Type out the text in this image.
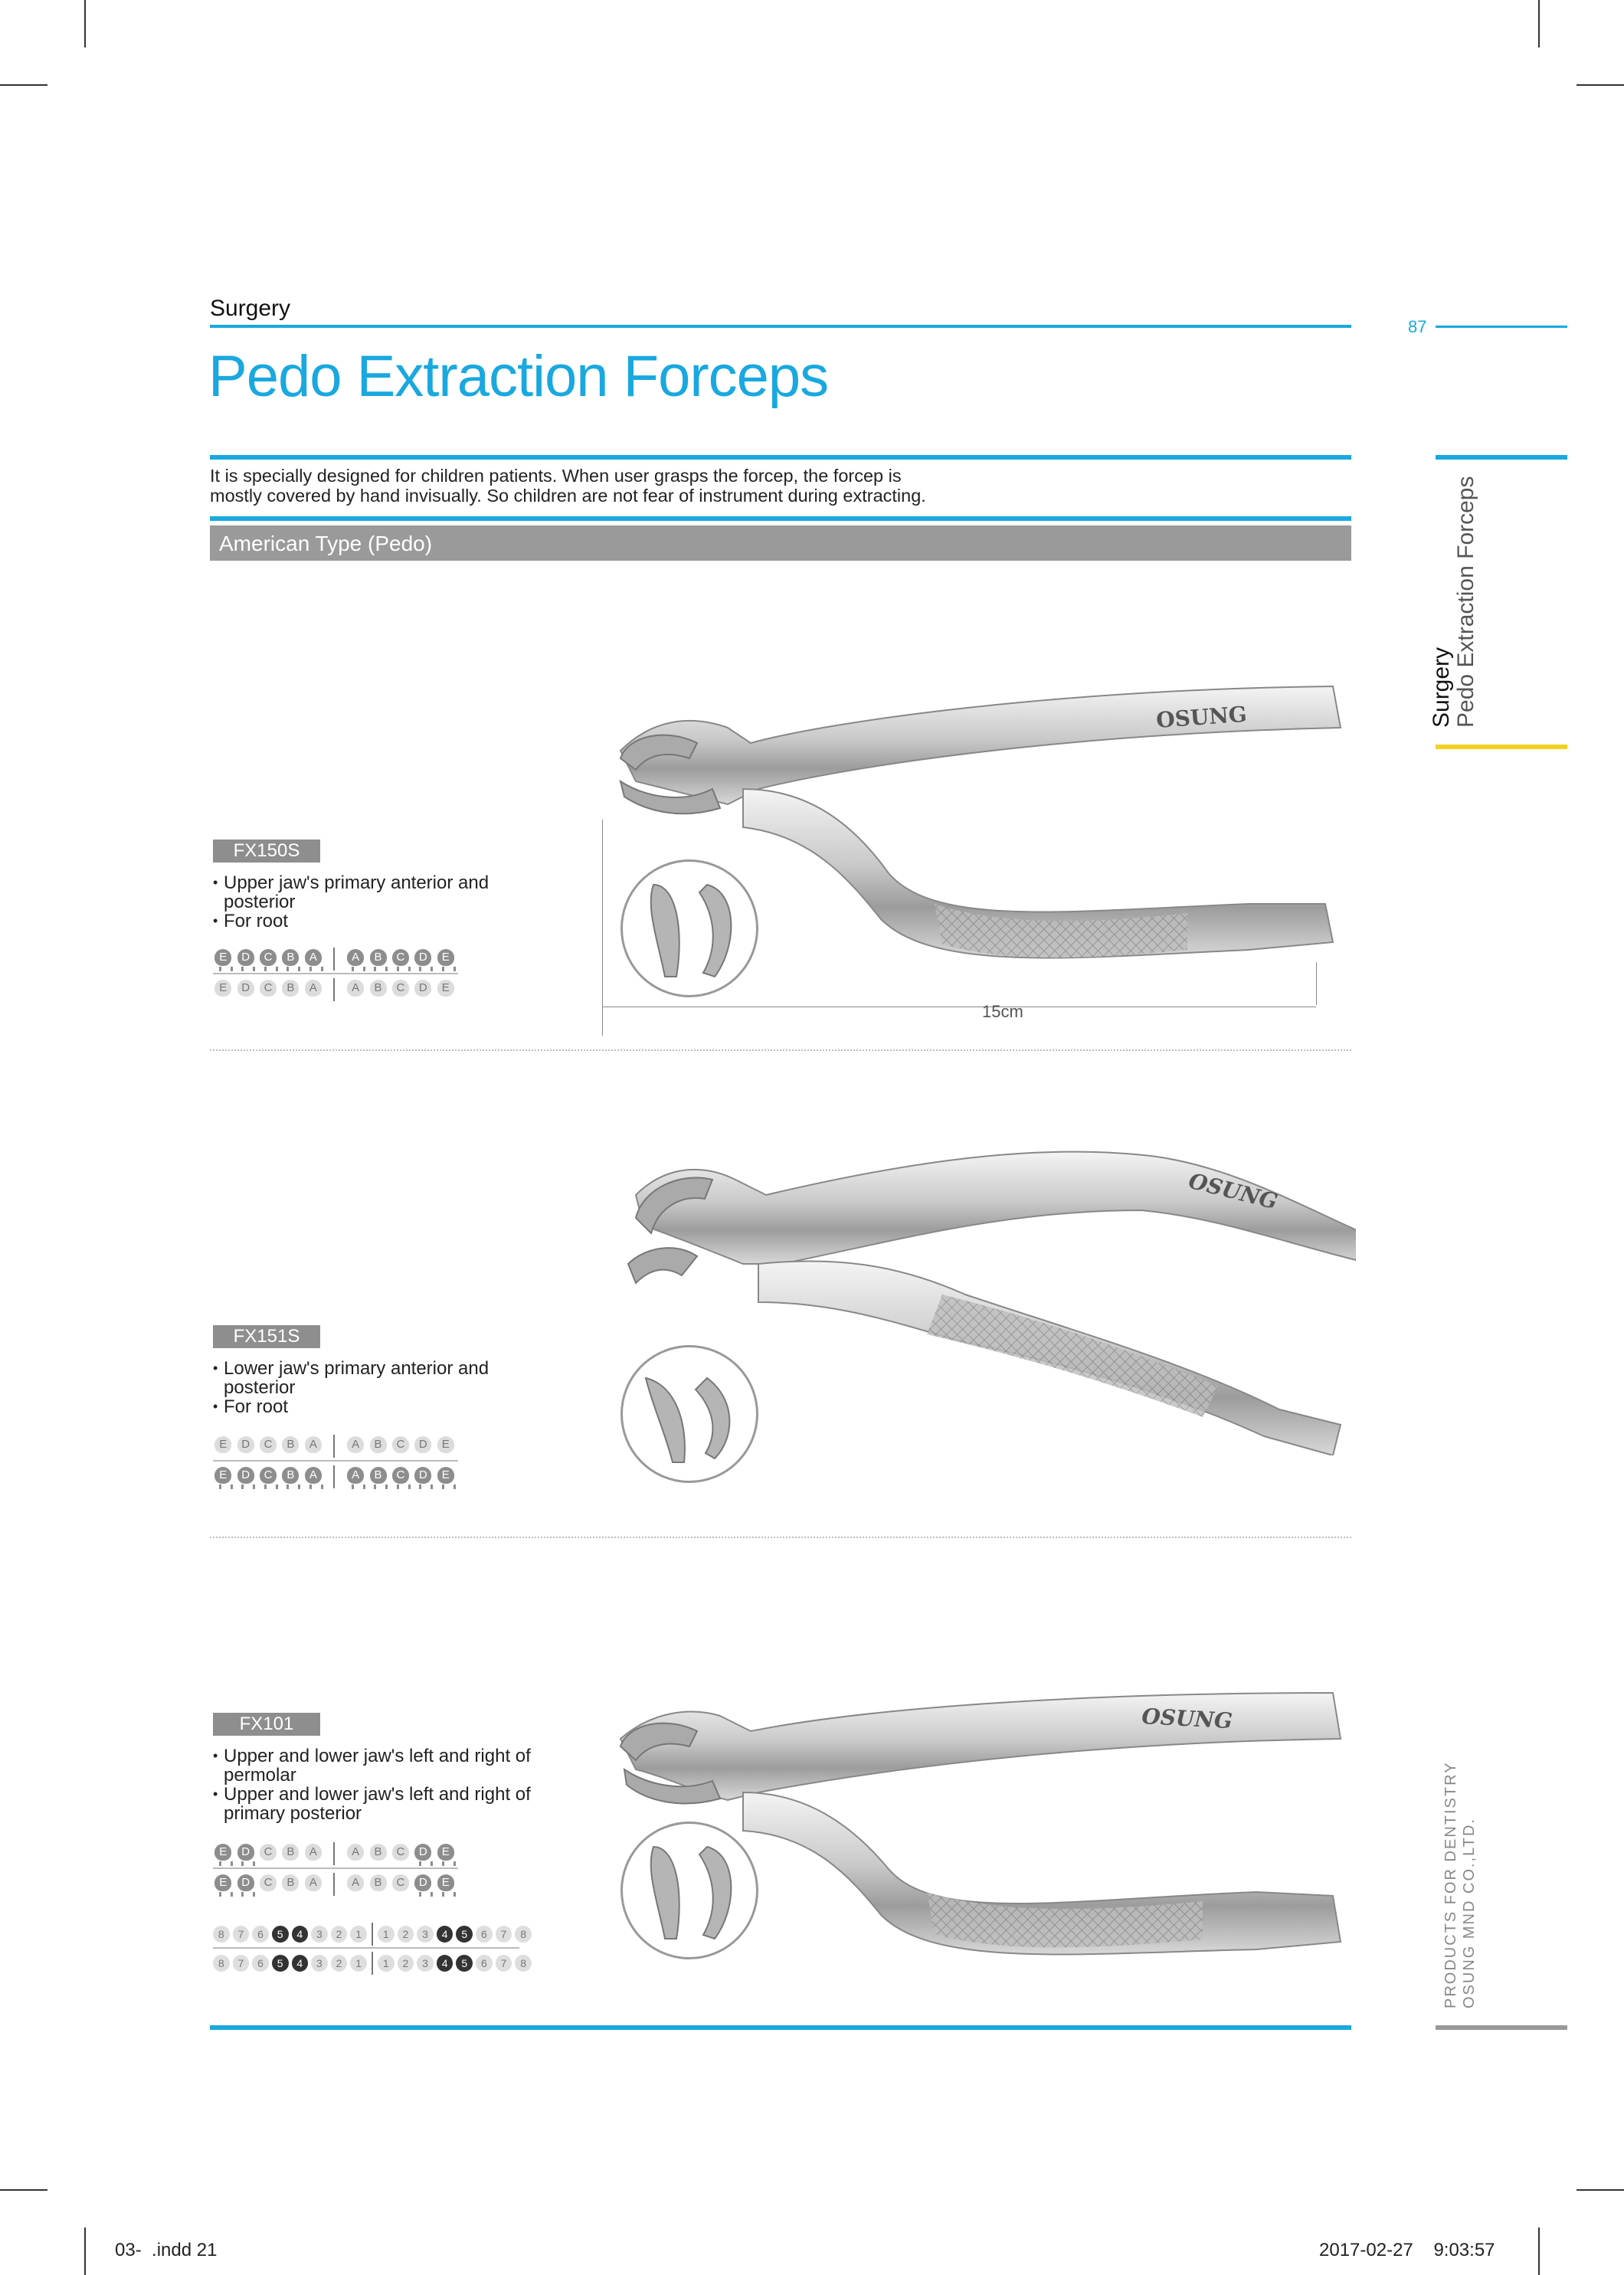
Surgery
87
Pedo Extraction Forceps
It is specially designed for children patients. When user grasps the forcep, the forcep is
mostly covered by hand invisually. So children are not fear of instrument during extracting.
American Type (Pedo)
Surgery Pedo Extraction Forceps
PRODUCTS FOR DENTISTRY OSUNG MND CO.,LTD.
FX150S
• Upper jaw's primary anterior and posterior
• For root
E	D	C	B	A	A	B	C	D	E
E	D	C	B	A	A	B	C	D	E
OSUNG
15cm
FX151S
• Lower jaw's primary anterior and posterior
• For root
E	D	C	B	A	A	B	C	D	E
E	D	C	B	A	A	B	C	D	E
OSUNG
FX101
• Upper and lower jaw's left and right of permolar
• Upper and lower jaw's left and right of primary posterior
E	D	C	B	A	A	B	C	D	E
E	D	C	B	A	A	B	C	D	E
8	7	6	5	4	3	2	1	1	2	3	4	5	6	7	8
8	7	6	5	4	3	2	1	1	2	3	4	5	6	7	8
OSUNG
03-  .indd 21	2017-02-27    9:03:57
